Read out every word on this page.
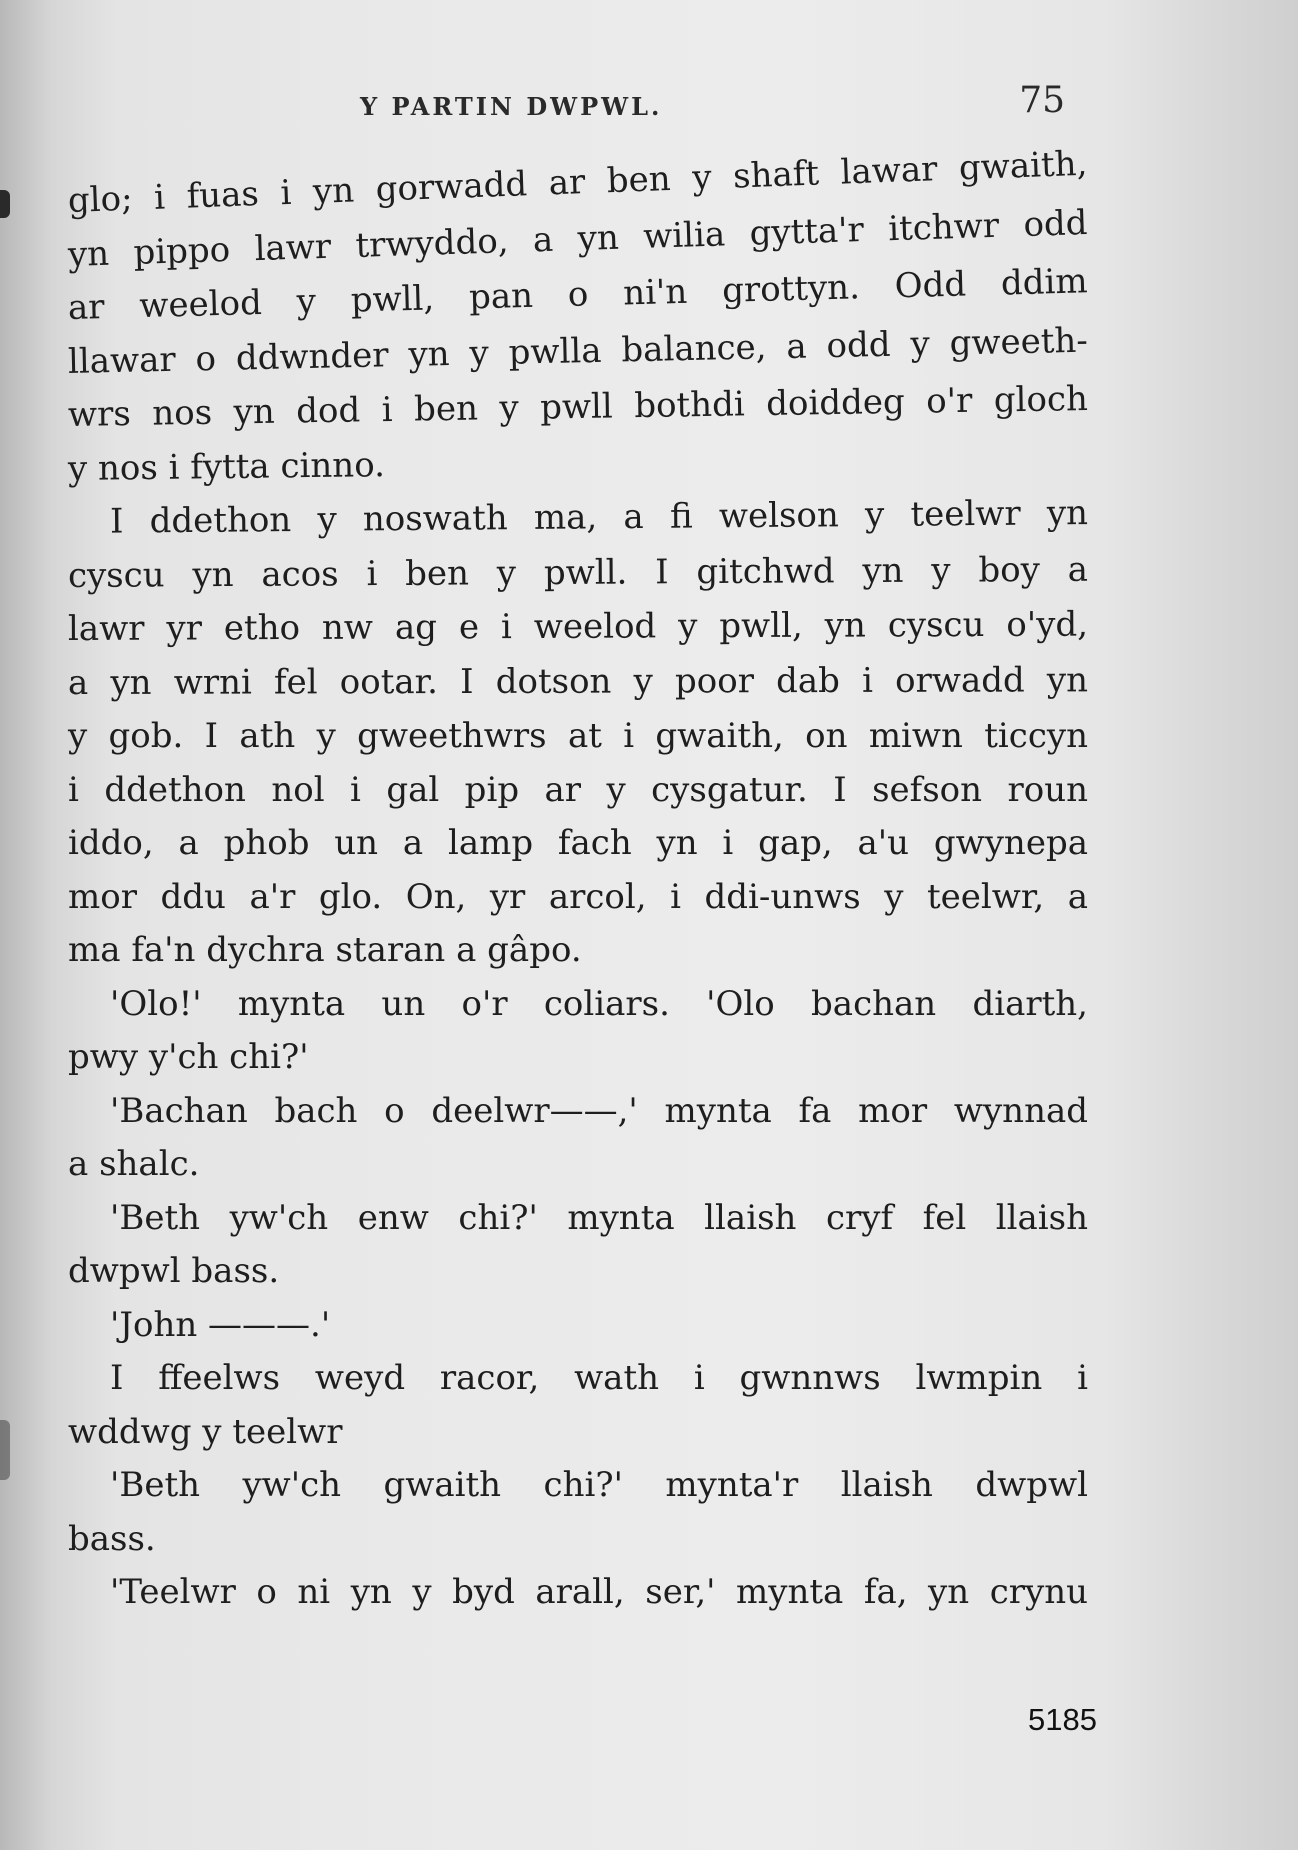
Y PARTIN DWPWL.	75
glo; i fuas i yn gorwadd ar ben y shaft lawar gwaith,
yn pippo lawr trwyddo, a yn wilia gytta'r itchwr odd
ar weelod y pwll, pan o ni'n grottyn. Odd ddim
llawar o ddwnder yn y pwlla balance, a odd y gweeth-
wrs nos yn dod i ben y pwll bothdi doiddeg o'r gloch
y nos i fytta cinno.
I ddethon y noswath ma, a fi welson y teelwr yn
cyscu yn acos i ben y pwll. I gitchwd yn y boy a
lawr yr etho nw ag e i weelod y pwll, yn cyscu o'yd,
a yn wrni fel ootar. I dotson y poor dab i orwadd yn
y gob. I ath y gweethwrs at i gwaith, on miwn ticcyn
i ddethon nol i gal pip ar y cysgatur. I sefson roun
iddo, a phob un a lamp fach yn i gap, a'u gwynepa
mor ddu a'r glo. On, yr arcol, i ddi-unws y teelwr, a
ma fa'n dychra staran a gâpo.
'Olo!' mynta un o'r coliars. 'Olo bachan diarth,
pwy y'ch chi?'
'Bachan bach o deelwr——,' mynta fa mor wynnad
a shalc.
'Beth yw'ch enw chi?' mynta llaish cryf fel llaish
dwpwl bass.
'John ———.'
I ffeelws weyd racor, wath i gwnnws lwmpin i
wddwg y teelwr
'Beth yw'ch gwaith chi?' mynta'r llaish dwpwl
bass.
'Teelwr o ni yn y byd arall, ser,' mynta fa, yn crynu
5185
